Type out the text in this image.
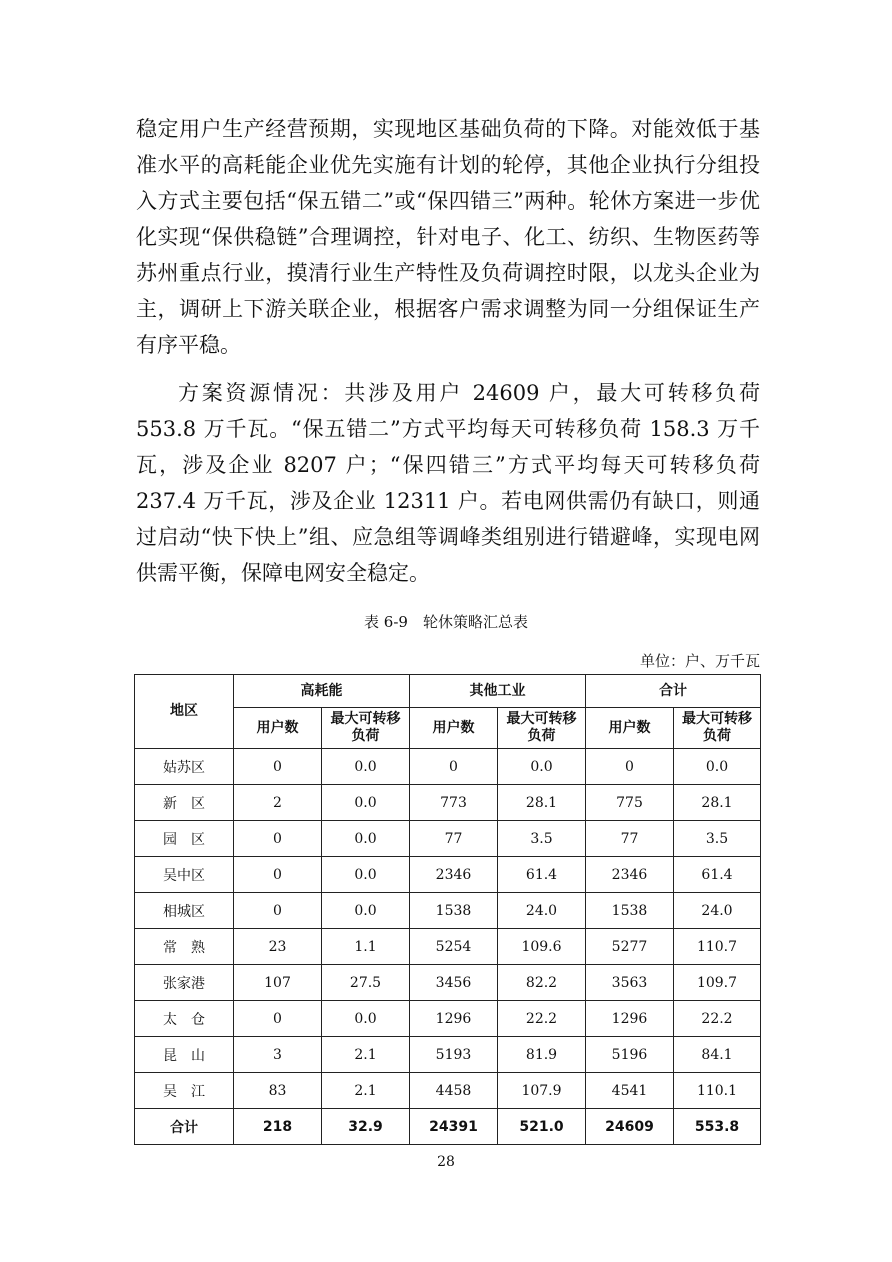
稳定用户生产经营预期，实现地区基础负荷的下降。对能效低于基准水平的高耗能企业优先实施有计划的轮停，其他企业执行分组投入方式主要包括“保五错二”或“保四错三”两种。轮休方案进一步优化实现“保供稳链”合理调控，针对电子、化工、纺织、生物医药等苏州重点行业，摸清行业生产特性及负荷调控时限，以龙头企业为主，调研上下游关联企业，根据客户需求调整为同一分组保证生产有序平稳。

方案资源情况：共涉及用户 24609 户，最大可转移负荷 553.8 万千瓦。“保五错二”方式平均每天可转移负荷 158.3 万千瓦，涉及企业 8207 户；“保四错三”方式平均每天可转移负荷 237.4 万千瓦，涉及企业 12311 户。若电网供需仍有缺口，则通过启动“快下快上”组、应急组等调峰类组别进行错避峰，实现电网供需平衡，保障电网安全稳定。

表 6-9　轮休策略汇总表
单位：户、万千瓦
地区	高耗能		其他工业		合计	
	用户数	最大可转移负荷	用户数	最大可转移负荷	用户数	最大可转移负荷
姑苏区	0	0.0	0	0.0	0	0.0
新　区	2	0.0	773	28.1	775	28.1
园　区	0	0.0	77	3.5	77	3.5
吴中区	0	0.0	2346	61.4	2346	61.4
相城区	0	0.0	1538	24.0	1538	24.0
常　熟	23	1.1	5254	109.6	5277	110.7
张家港	107	27.5	3456	82.2	3563	109.7
太　仓	0	0.0	1296	22.2	1296	22.2
昆　山	3	2.1	5193	81.9	5196	84.1
吴　江	83	2.1	4458	107.9	4541	110.1
合计	218	32.9	24391	521.0	24609	553.8
28
